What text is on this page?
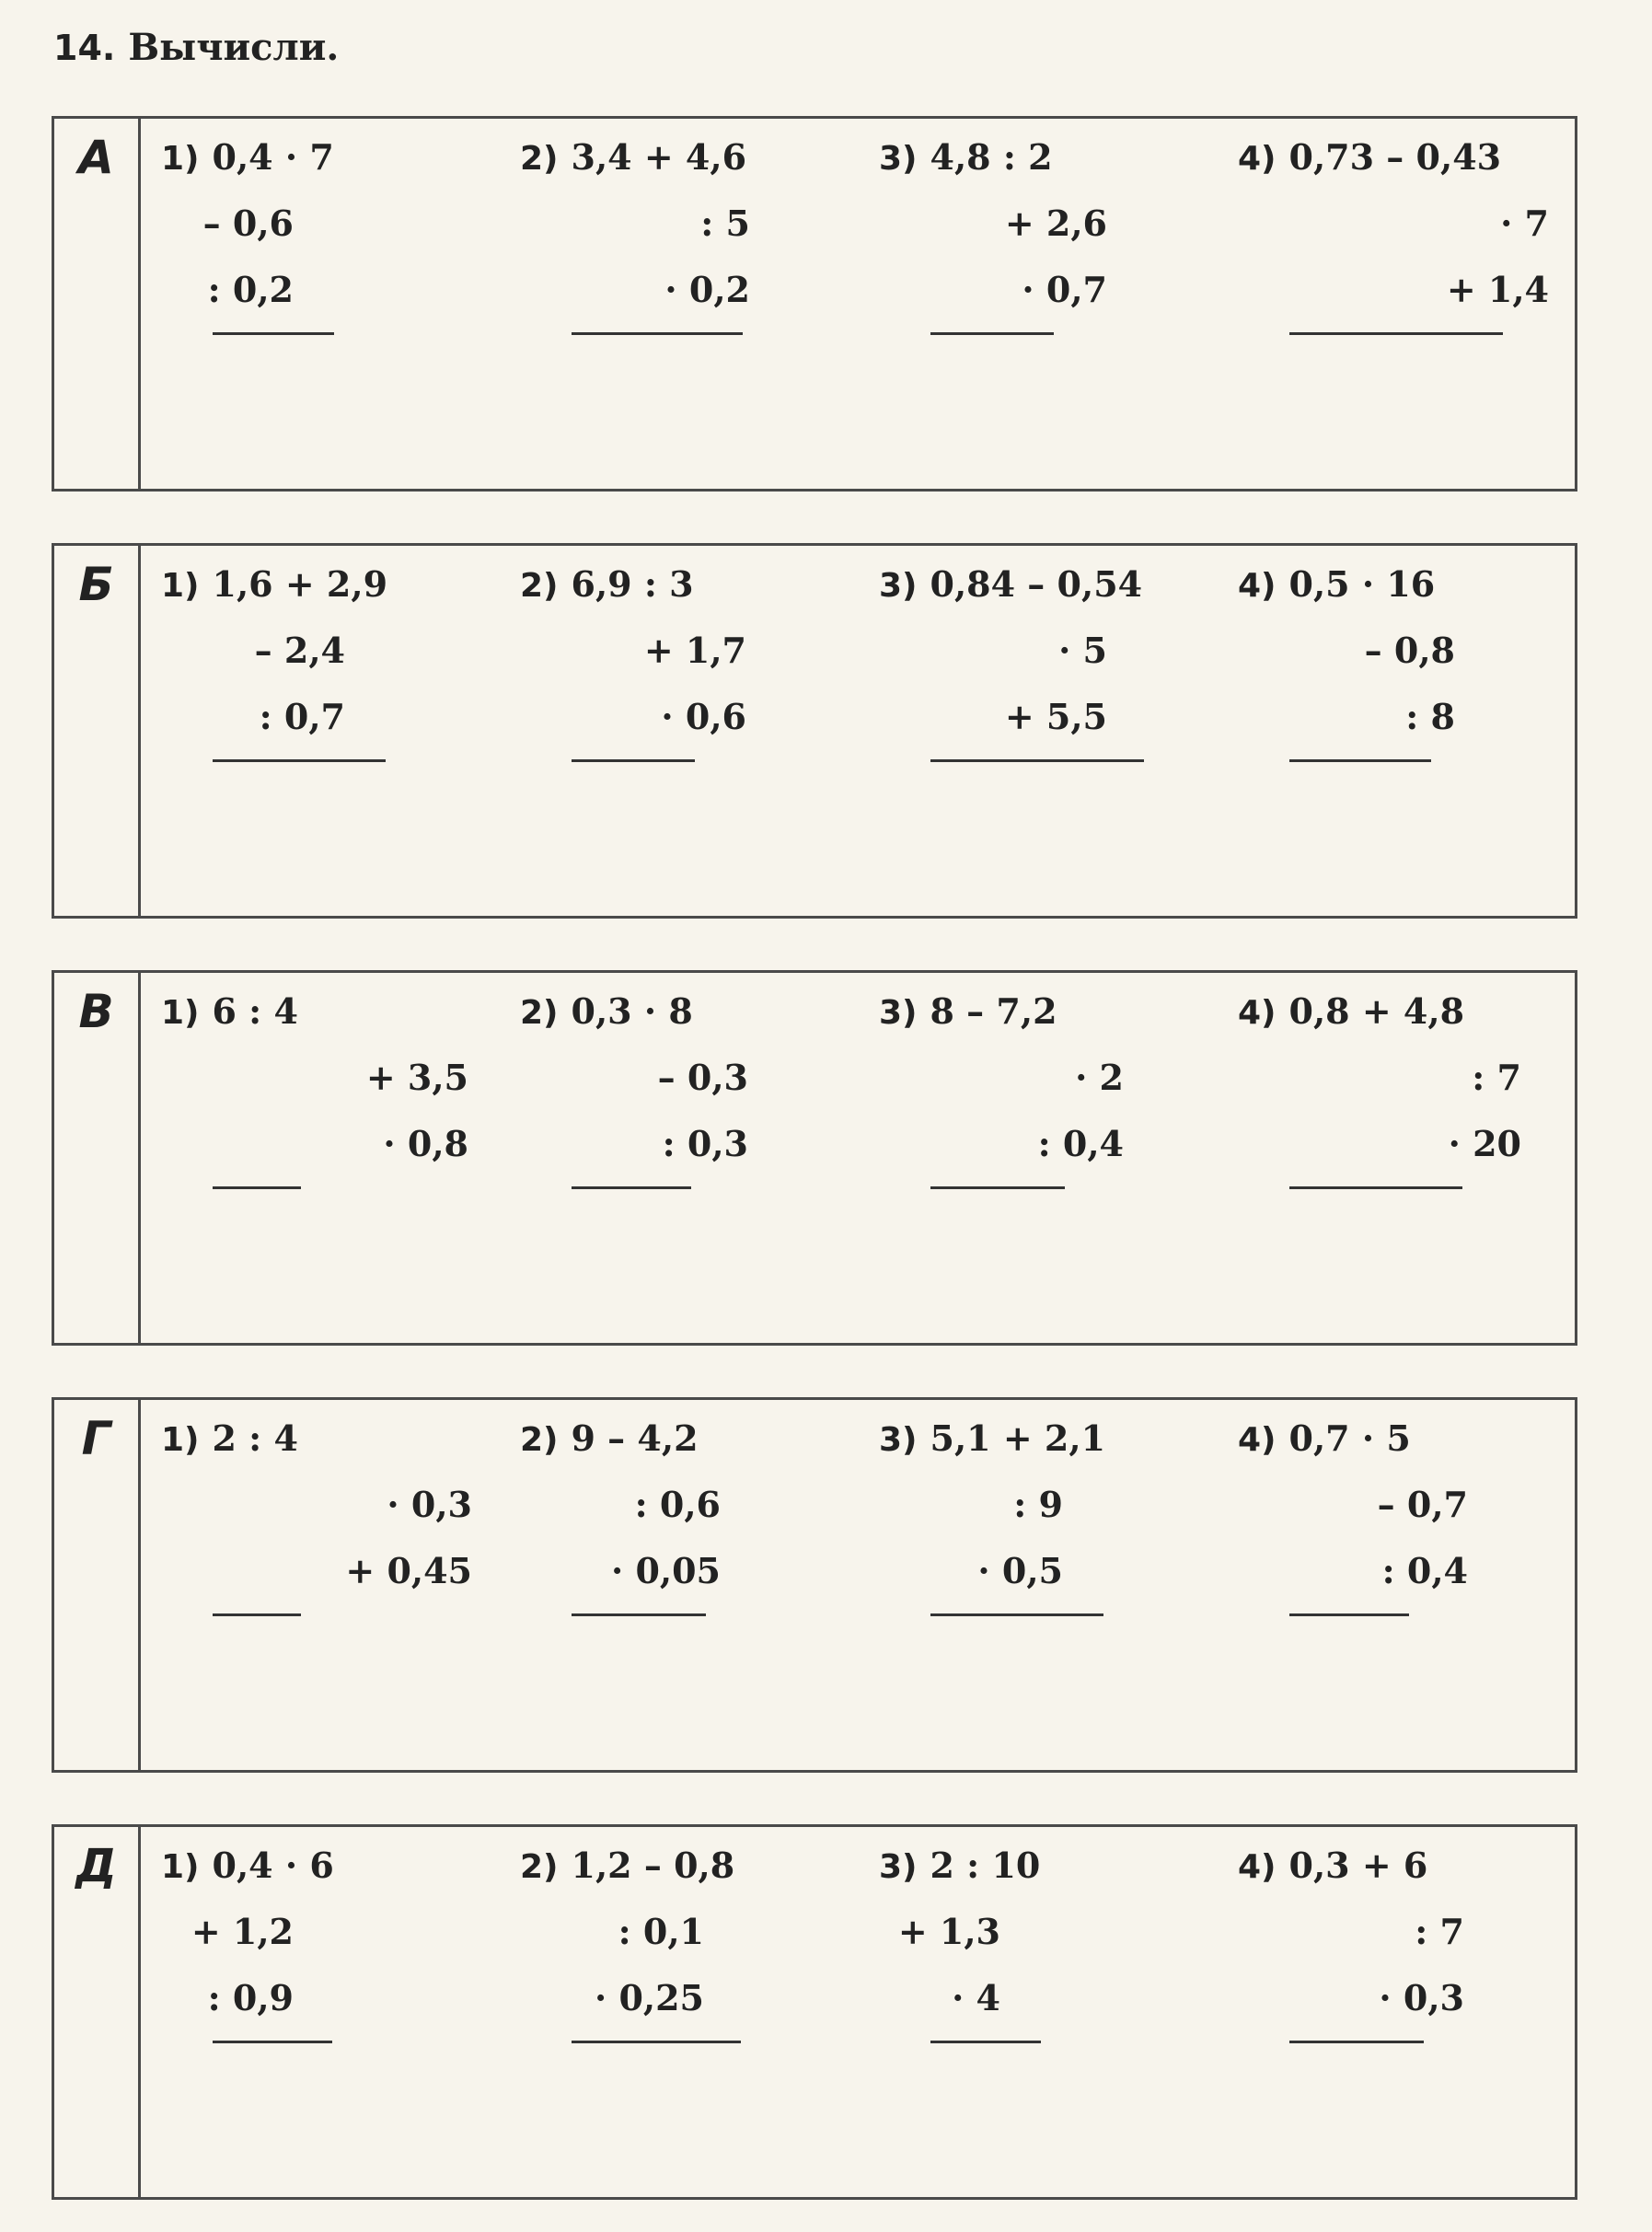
14. Вычисли.
А	1) 0,4 · 7
– 0,6
: 0,2
2) 3,4 + 4,6
: 5
· 0,2
3) 4,8 : 2
+ 2,6
· 0,7
4) 0,73 – 0,43
· 7
+ 1,4
Б	1) 1,6 + 2,9
– 2,4
: 0,7
2) 6,9 : 3
+ 1,7
· 0,6
3) 0,84 – 0,54
· 5
+ 5,5
4) 0,5 · 16
– 0,8
: 8
В	1) 6 : 4
+ 3,5
· 0,8
2) 0,3 · 8
– 0,3
: 0,3
3) 8 – 7,2
· 2
: 0,4
4) 0,8 + 4,8
: 7
· 20
Г	1) 2 : 4
· 0,3
+ 0,45
2) 9 – 4,2
: 0,6
· 0,05
3) 5,1 + 2,1
: 9
· 0,5
4) 0,7 · 5
– 0,7
: 0,4
Д	1) 0,4 · 6
+ 1,2
: 0,9
2) 1,2 – 0,8
: 0,1
· 0,25
3) 2 : 10
+ 1,3
· 4
4) 0,3 + 6
: 7
· 0,3
